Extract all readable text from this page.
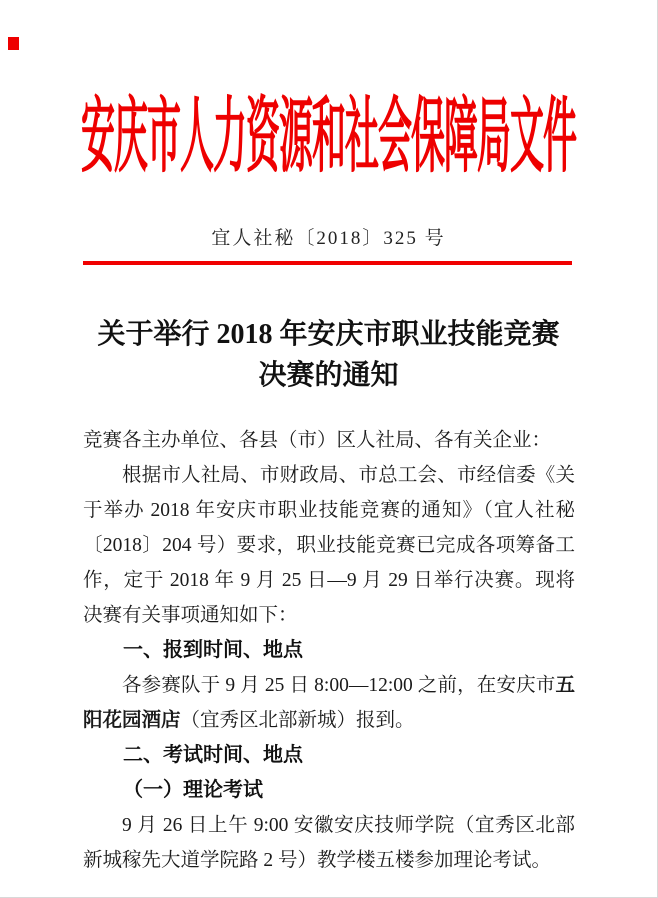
安庆市人力资源和社会保障局文件
宜人社秘〔2018〕325 号
关于举行 2018 年安庆市职业技能竞赛
决赛的通知

竞赛各主办单位、各县（市）区人社局、各有关企业：

根据市人社局、市财政局、市总工会、市经信委《关于举办 2018 年安庆市职业技能竞赛的通知》（宜人社秘〔2018〕204 号）要求，职业技能竞赛已完成各项筹备工作，定于 2018 年 9 月 25 日—9 月 29 日举行决赛。现将决赛有关事项通知如下：

一、报到时间、地点

各参赛队于 9 月 25 日 8:00—12:00 之前，在安庆市五阳花园酒店（宜秀区北部新城）报到。

二、考试时间、地点

（一）理论考试

9 月 26 日上午 9:00 安徽安庆技师学院（宜秀区北部新城稼先大道学院路 2 号）教学楼五楼参加理论考试。
